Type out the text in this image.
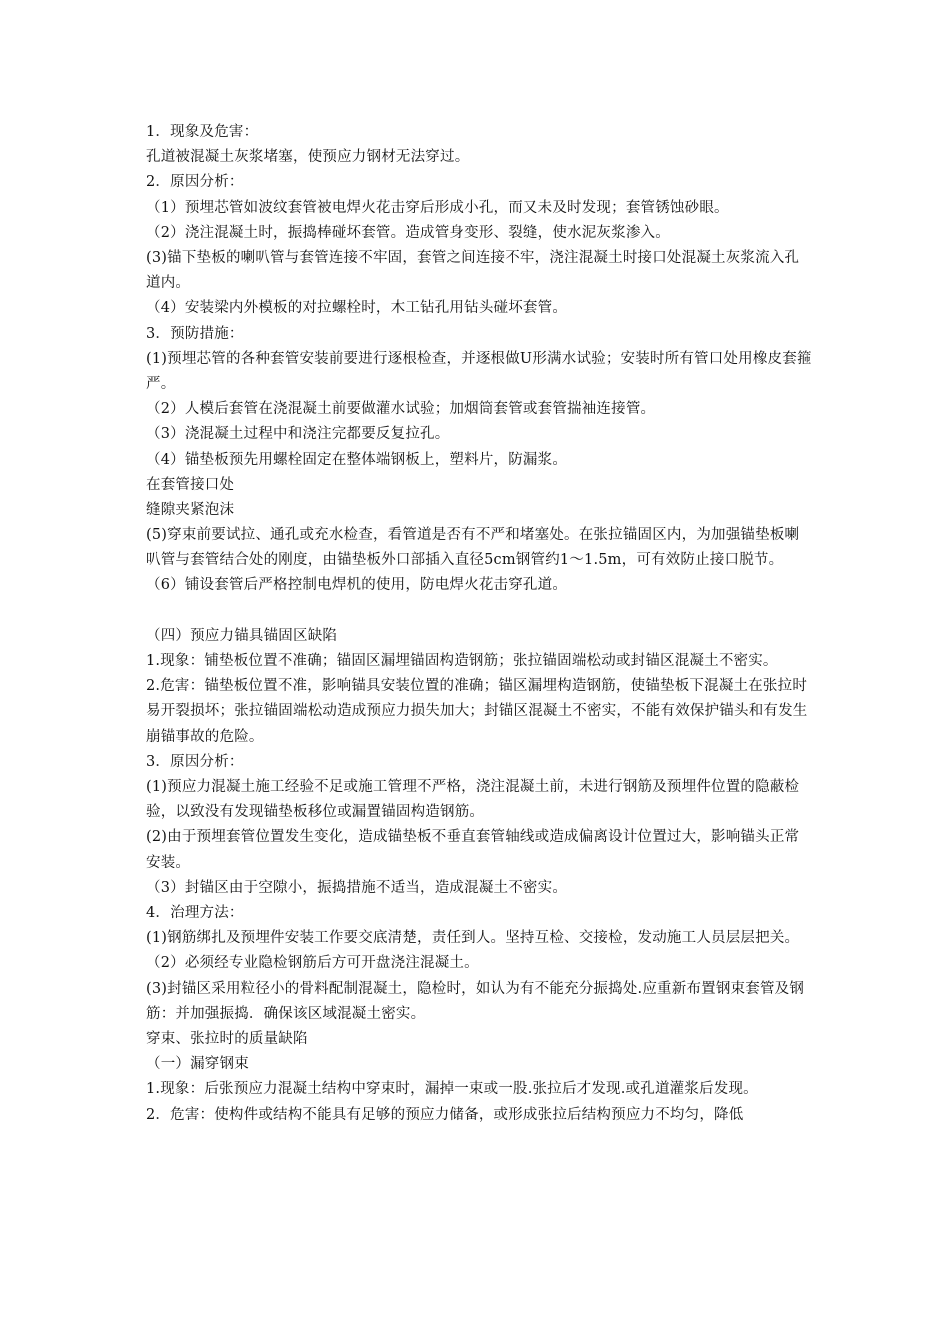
1．现象及危害：
孔道被混凝土灰浆堵塞，使预应力钢材无法穿过。
2．原因分析：
（1）预埋芯管如波纹套管被电焊火花击穿后形成小孔，而又未及时发现；套管锈蚀砂眼。
（2）浇注混凝土时，振捣棒碰坏套管。造成管身变形、裂缝，使水泥灰浆渗入。
(3)锚下垫板的喇叭管与套管连接不牢固，套管之间连接不牢，浇注混凝土时接口处混凝土灰浆流入孔道内。
（4）安装梁内外模板的对拉螺栓时，木工钻孔用钻头碰坏套管。
3．预防措施：
(1)预埋芯管的各种套管安装前要进行逐根检查，并逐根做U形满水试验；安装时所有管口处用橡皮套箍严。
（2）人模后套管在浇混凝土前要做灌水试验；加烟筒套管或套管揣袖连接管。
（3）浇混凝土过程中和浇注完都要反复拉孔。
（4）锚垫板预先用螺栓固定在整体端钢板上，塑料片，防漏浆。
在套管接口处
缝隙夹紧泡沫
(5)穿束前要试拉、通孔或充水检查，看管道是否有不严和堵塞处。在张拉锚固区内，为加强锚垫板喇叭管与套管结合处的刚度，由锚垫板外口部插入直径5cm钢管约1～1.5m，可有效防止接口脱节。
（6）铺设套管后严格控制电焊机的使用，防电焊火花击穿孔道。
（四）预应力锚具锚固区缺陷
1.现象：铺垫板位置不准确；锚固区漏埋锚固构造钢筋；张拉锚固端松动或封锚区混凝土不密实。
2.危害：锚垫板位置不准，影响锚具安装位置的准确；锚区漏埋构造钢筋，使锚垫板下混凝土在张拉时易开裂损坏；张拉锚固端松动造成预应力损失加大；封锚区混凝土不密实，不能有效保护锚头和有发生崩锚事故的危险。
3．原因分析：
(1)预应力混凝土施工经验不足或施工管理不严格，浇注混凝土前，未进行钢筋及预埋件位置的隐蔽检验，以致没有发现锚垫板移位或漏置锚固构造钢筋。
(2)由于预埋套管位置发生变化，造成锚垫板不垂直套管轴线或造成偏离设计位置过大，影响锚头正常安装。
（3）封锚区由于空隙小，振捣措施不适当，造成混凝土不密实。
4．治理方法：
(1)钢筋绑扎及预埋件安装工作要交底清楚，责任到人。坚持互检、交接检，发动施工人员层层把关。
（2）必须经专业隐检钢筋后方可开盘浇注混凝土。
(3)封锚区采用粒径小的骨料配制混凝土，隐检时，如认为有不能充分振捣处.应重新布置钢束套管及钢筋：并加强振捣．确保该区域混凝土密实。
穿束、张拉时的质量缺陷
（一）漏穿钢束
1.现象：后张预应力混凝土结构中穿束时，漏掉一束或一股.张拉后才发现.或孔道灌浆后发现。
2．危害：使构件或结构不能具有足够的预应力储备，或形成张拉后结构预应力不均匀，降低
